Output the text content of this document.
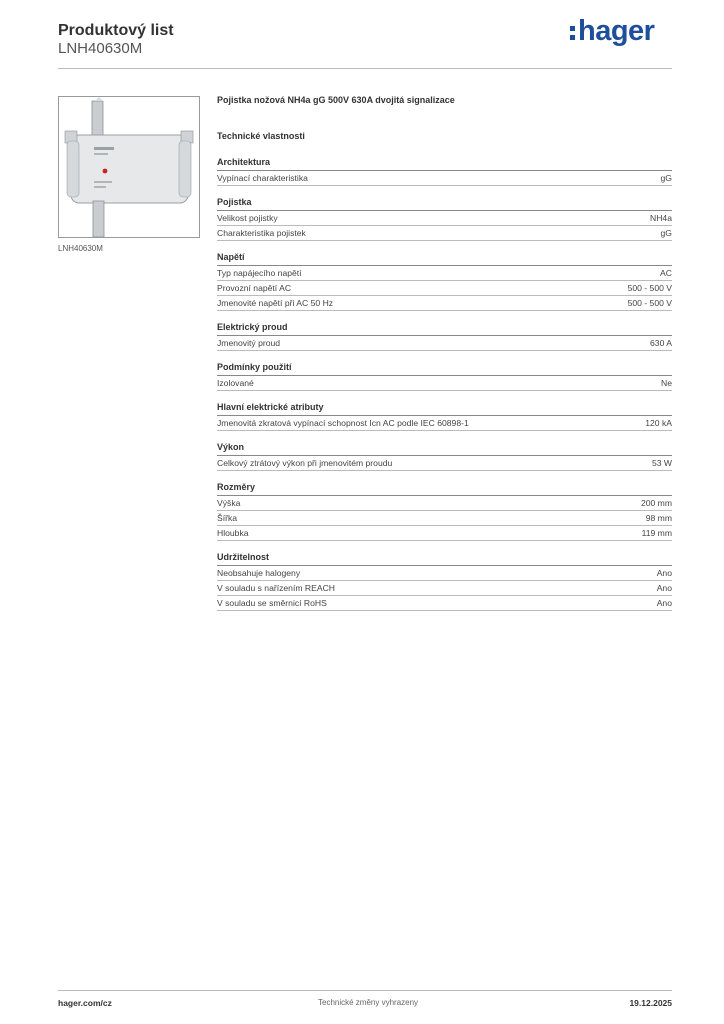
Produktový list
LNH40630M
hager
LNH40630M
Pojistka nožová NH4a gG 500V 630A dvojitá signalizace
Technické vlastnosti
Architektura
Vypínací charakteristika	gG
Pojistka
Velikost pojistky	NH4a
Charakteristika pojistek	gG
Napětí
Typ napájecího napětí	AC
Provozní napětí AC	500 - 500 V
Jmenovité napětí při AC 50 Hz	500 - 500 V
Elektrický proud
Jmenovitý proud	630 A
Podmínky použití
Izolované	Ne
Hlavní elektrické atributy
Jmenovitá zkratová vypínací schopnost Icn AC podle IEC 60898-1	120 kA
Výkon
Celkový ztrátový výkon při jmenovitém proudu	53 W
Rozměry
Výška	200 mm
Šířka	98 mm
Hloubka	119 mm
Udržitelnost
Neobsahuje halogeny	Ano
V souladu s nařízením REACH	Ano
V souladu se směrnicí RoHS	Ano
hager.com/cz	Technické změny vyhrazeny	19.12.2025
